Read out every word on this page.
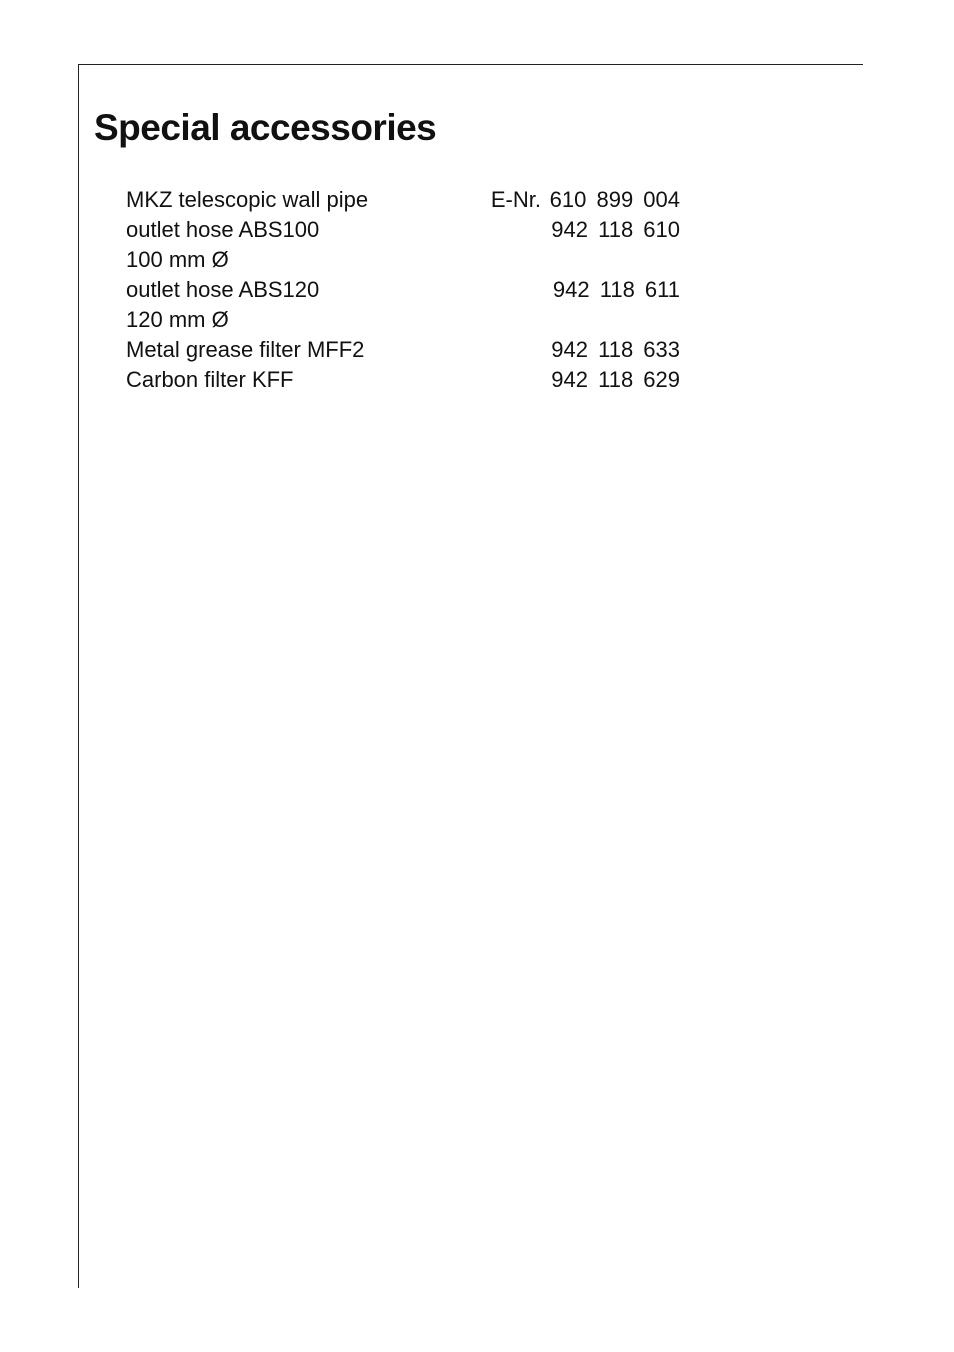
Special accessories
MKZ telescopic wall pipe	E-Nr. 610 899 004
outlet hose ABS100	942 118 610
100 mm Ø
outlet hose ABS120	942 118 611
120 mm Ø
Metal grease filter MFF2	942 118 633
Carbon filter KFF	942 118 629
